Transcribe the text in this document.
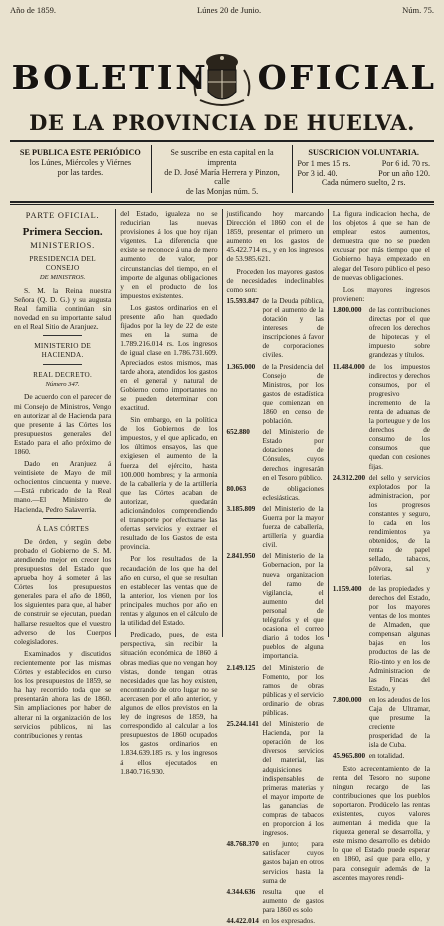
Año de 1859.	Lúnes 20 de Junio.	Núm. 75.
BOLETIN OFICIAL
DE LA PROVINCIA DE HUELVA.
SE PUBLICA ESTE PERIÓDICO
los Lúnes, Miércoles y Viérnes
por las tardes.
Se suscribe en esta capital en la imprenta
de D. José María Herrera y Pinzon, calle
de las Monjas núm. 5.
SUSCRICION VOLUNTARIA.
Por 1 mes 15 rs.	Por 6 id. 70 rs.
Por 3 id. 40.	Por un año 120.
Cada número suelto, 2 rs.
PARTE OFICIAL.
Primera Seccion.
MINISTERIOS.
PRESIDENCIA DEL CONSEJO
DE MINISTROS.

S. M. la Reina nuestra Señora (Q. D. G.) y su augusta Real familia continúan sin novedad en su importante salud en el Real Sitio de Aranjuez.

MINISTERIO DE HACIENDA.
REAL DECRETO.
Número 347.

De acuerdo con el parecer de mi Consejo de Ministros, Vengo en autorizar al de Hacienda para que presente á las Córtes los presupuestos generales del Estado para el año próximo de 1860.

Dado en Aranjuez á veintisiete de Mayo de mil ochocientos cincuenta y nueve.—Está rubricado de la Real mano.—El Ministro de Hacienda, Pedro Salaverría.

Á LAS CÓRTES

De órden, y según debe probado el Gobierno de S. M. atendiendo mejor en crecer los presupuestos del Estado que aprueba hoy á someter á las Córtes los presupuestos generales para el año de 1860, los siguientes para que, al haber de construir se ejecutan, puedan hallarse resueltos que el vuestro adverso de los Cuerpos colegisladores.

Examinados y discutidos recientemente por las mismas Córtes y establecidos en curso los los presupuestos de 1859, se ha hay recorrido toda que se presentarán ahora las de 1860. Sin ampliaciones por haber de alterar ni la organización de los servicios públicos, ni las contribuciones y rentas

del Estado, igualeza no se reducirian las nuevas provisiones á los que hoy rijan vigentes. La diferencia que existe se reconoce á una de mero aumento de valor, por circunstancias del tiempo, en el importe de algunas obligaciones y en el producto de los impuestos existentes.

Los gastos ordinarios en el presente año han quedado fijados por la ley de 22 de este mes en la suma de 1.789.216.014 rs. Los ingresos de igual clase en 1.786.731.609. Apreciados estos mismos, mas tarde ahora, atendidos los gastos en el general y natural de Gobierno como importantes no se pueden determinar con exactitud.

Sin embargo, en la política de los Gobiernos de los impuestos, y el que aplicado, en los últimos ensayos, las que exigiesen el aumento de la fuerza del ejército, hasta 100.000 hombres; y la armonía de la caballería y de la artillería que las Córtes acaban de autorizar, quedarán adicionándolos comprendiendo el transporte por efectuarse las ofertas servicios y extraer el resultado de los Gastos de esta provincia.

Por los resultados de la recaudación de los que ha del año en curso, el que se resultan en establecer las ventas que de la anterior, los vienen por los principales muchos por año en rentas y algunos en el cálculo de la utilidad del Estado.

Predicado, pues, de esta perspectiva, sin recibir la situación económica de 1860 á obras medias que no vengan hoy vistas, donde tengan otras necesidades que las hoy existen, encontrando de otro lugar no se acercasen por el año anterior, y algunos de ellos previstos en la ley de ingresos de 1859, ha correspondido al calcular a los presupuestos de 1860 ocupados los gastos ordinarios en 1.834.639.185 rs. y los ingresos á ellos ejecutados en 1.840.716.930.

justificando hoy marcando Dirección el 1860 con el de 1859, presentar el primero un aumento en los gastos de 45.422.714 rs., y en los ingresos de 53.985.621.

Proceden los mayores gastos de necesidades indeclinables como son:

15.593.847 de la Deuda pública, por el aumento de la dotación y las intereses de inscripciones á favor de corporaciones civiles.
1.365.000	de la Presidencia del Consejo de Ministros, por los gastos de estadística que comienzan en 1860 en censo de población.
652.880	del Ministerio de Estado por dotaciones de Cónsules, cuyos derechos ingresarán en el Tesoro público.
80.063	de obligaciones eclesiásticas.
3.185.809	del Ministerio de la Guerra por la mayor fuerza de caballería, artillería y guardia civil.
2.841.950	del Ministerio de la Gobernacion, por la nueva organizacion del ramo de vigilancia, el aumento del personal de telégrafos y el que ocasiona el correo diario á todos los pueblos de alguna importancia.
2.149.125	del Ministerio de Fomento, por los ramos de obras públicas y el servicio ordinario de obras públicas.
25.244.141 del Ministerio de Hacienda, por la operación de los diversos servicios del material, las adquisiciones indispensables de primeras materias y el mayor importe de las ganancias de compras de tabacos en proporcion á los ingresos.
48.768.370 en junto; para satisfacer cuyos gastos bajan en otros servicios hasta la suma de
4.344.636	resulta que el aumento de gastos para 1860 es solo
44.422.014 en los expresados.

La figura indicacion hecha, de los objetos á que se han de emplear estos aumentos, demuestra que no se pueden excusar por más tiempo que el Gobierno haya empezado en alegar del Tesoro público el peso de nuevas obligaciones.

Los mayores ingresos provienen:

1.800.000	de las contribuciones directas por el que ofrecen los derechos de hipotecas y el impuesto sobre grandezas y títulos.
11.484.000 de los impuestos indirectos y derechos consumos, por el progresivo incremento de la renta de aduanas de la porteugue y de los derechos de consumo de los consumos que quedan con cesiones fijas.
24.312.200 del sello y servicios explotados por la administracion, por los progresos constantes y seguro, lo cada en los rendimientos ya obtenidos, de la renta de papel sellado, tabacos, pólvora, sal y loterias.
1.159.400	de las propiedades y derechos del Estado, por los mayores ventas de los montes de Almaden, que compensan algunas bajas en los productos de las de Río-tinto y en los de Administracion de las Fincas del Estado, y
7.800.000	en los adeudos de los Caja de Ultramar, que presume la creciente prosperidad de la isla de Cuba.
45.965.800 en totalidad.

Esto acrecentamiento de la renta del Tesoro no supone ningun recargo de las contribuciones que los pueblos soportaron. Prodúcelo las rentas existentes, cuyos valores aumentan á medida que la riqueza general se desarrolla, y este mismo desarrollo es debido lo que el Estado puede esperar en 1860, así que para ello, y para conseguir además de la ascentes mayores rendi-
